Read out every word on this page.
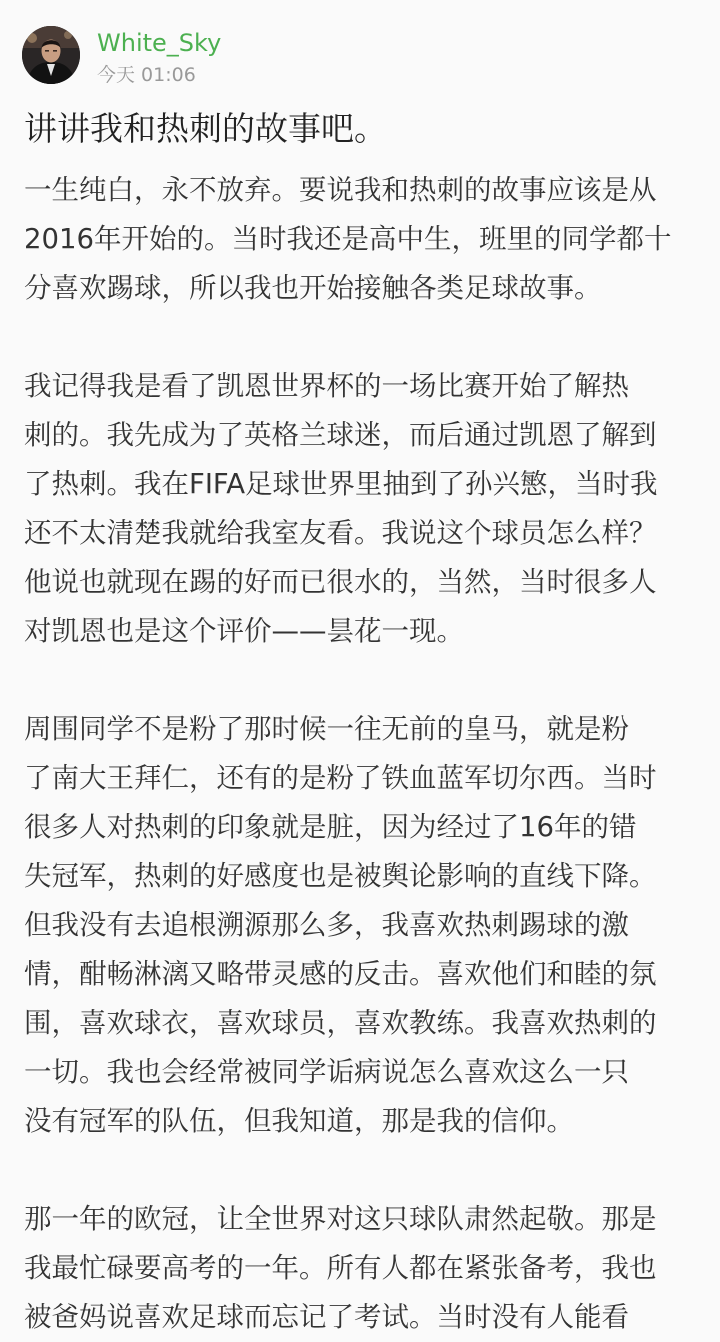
White_Sky
今天 01:06
讲讲我和热刺的故事吧。
一生纯白，永不放弃。要说我和热刺的故事应该是从
2016年开始的。当时我还是高中生，班里的同学都十
分喜欢踢球，所以我也开始接触各类足球故事。
我记得我是看了凯恩世界杯的一场比赛开始了解热
刺的。我先成为了英格兰球迷，而后通过凯恩了解到
了热刺。我在FIFA足球世界里抽到了孙兴慜，当时我
还不太清楚我就给我室友看。我说这个球员怎么样？
他说也就现在踢的好而已很水的，当然，当时很多人
对凯恩也是这个评价——昙花一现。
周围同学不是粉了那时候一往无前的皇马，就是粉
了南大王拜仁，还有的是粉了铁血蓝军切尔西。当时
很多人对热刺的印象就是脏，因为经过了16年的错
失冠军，热刺的好感度也是被舆论影响的直线下降。
但我没有去追根溯源那么多，我喜欢热刺踢球的激
情，酣畅淋漓又略带灵感的反击。喜欢他们和睦的氛
围，喜欢球衣，喜欢球员，喜欢教练。我喜欢热刺的
一切。我也会经常被同学诟病说怎么喜欢这么一只
没有冠军的队伍，但我知道，那是我的信仰。
那一年的欧冠，让全世界对这只球队肃然起敬。那是
我最忙碌要高考的一年。所有人都在紧张备考，我也
被爸妈说喜欢足球而忘记了考试。当时没有人能看
